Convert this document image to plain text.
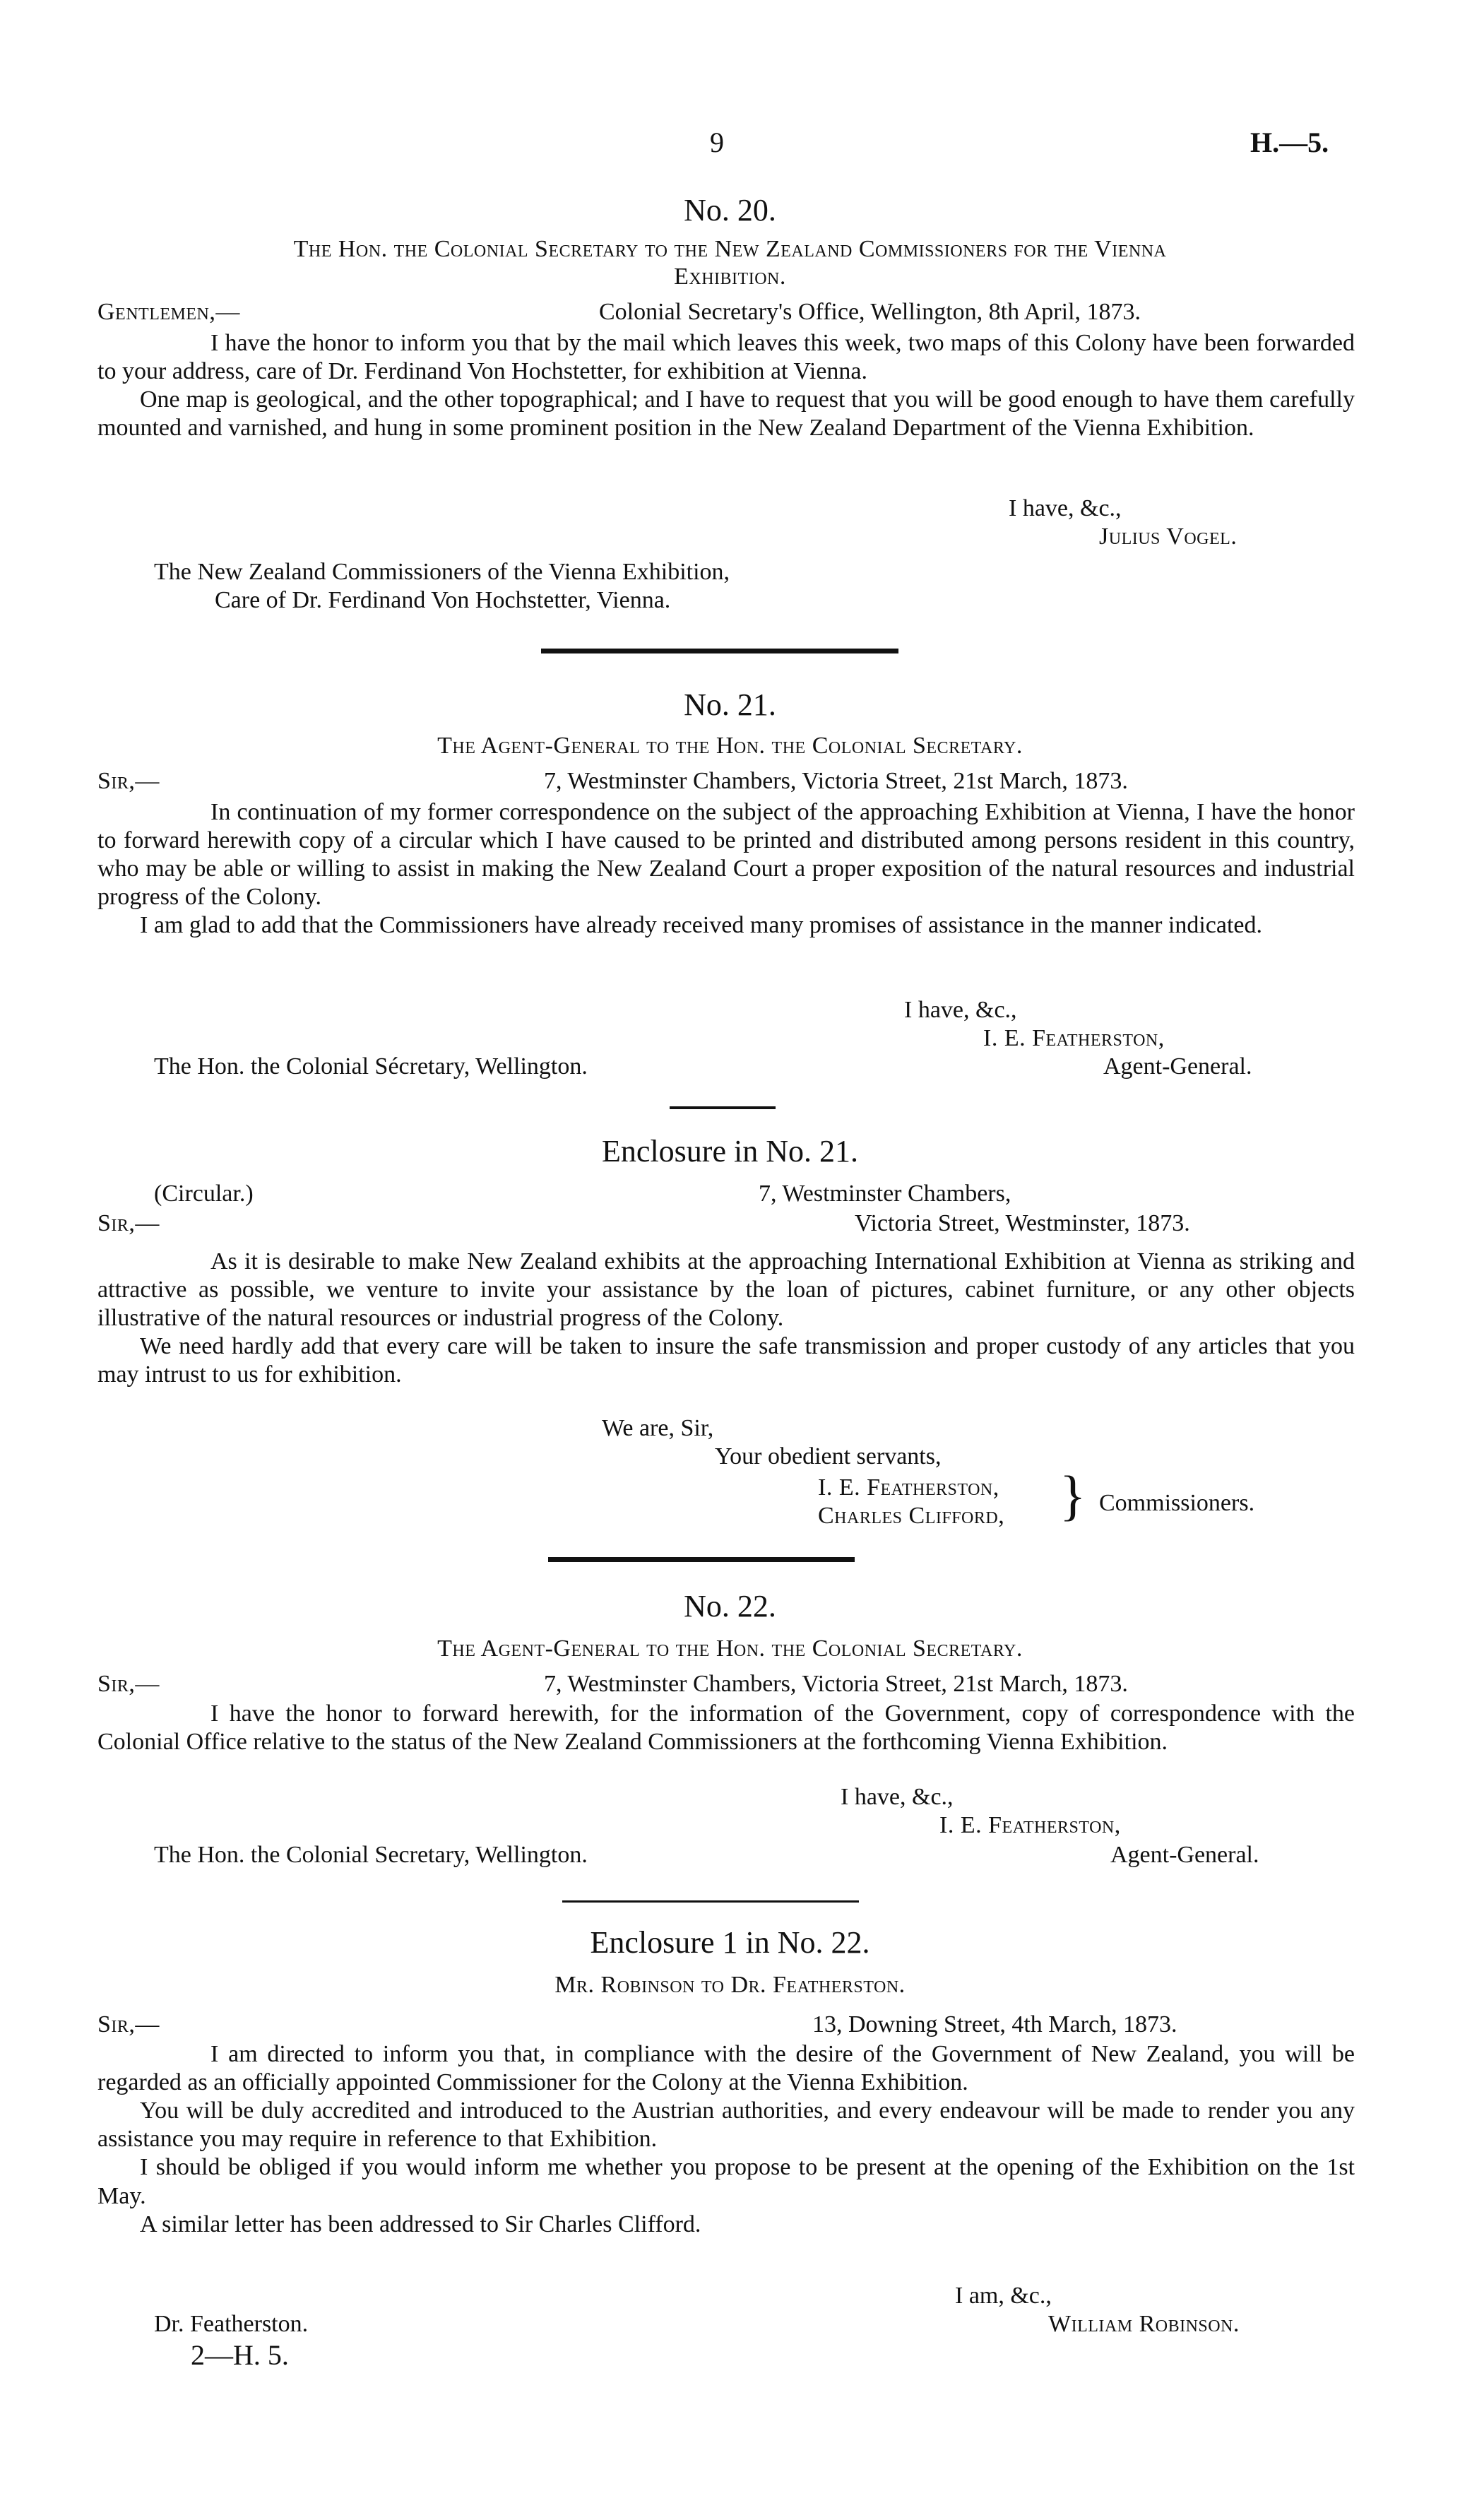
9	H.—5.
No. 20.
The Hon. the Colonial Secretary to the New Zealand Commissioners for the Vienna
Exhibition.
Gentlemen,—	Colonial Secretary's Office, Wellington, 8th April, 1873.

I have the honor to inform you that by the mail which leaves this week, two maps of this Colony have been forwarded to your address, care of Dr. Ferdinand Von Hochstetter, for exhibition at Vienna.

One map is geological, and the other topographical; and I have to request that you will be good enough to have them carefully mounted and varnished, and hung in some prominent position in the New Zealand Department of the Vienna Exhibition.

I have, &c.,
Julius Vogel.
The New Zealand Commissioners of the Vienna Exhibition,
Care of Dr. Ferdinand Von Hochstetter, Vienna.
No. 21.
The Agent-General to the Hon. the Colonial Secretary.
Sir,—	7, Westminster Chambers, Victoria Street, 21st March, 1873.

In continuation of my former correspondence on the subject of the approaching Exhibition at Vienna, I have the honor to forward herewith copy of a circular which I have caused to be printed and distributed among persons resident in this country, who may be able or willing to assist in making the New Zealand Court a proper exposition of the natural resources and industrial progress of the Colony.

I am glad to add that the Commissioners have already received many promises of assistance in the manner indicated.

I have, &c.,
I. E. Featherston,
The Hon. the Colonial Sécretary, Wellington.	Agent-General.
Enclosure in No. 21.
(Circular.)	7, Westminster Chambers,
Sir,—	Victoria Street, Westminster, 1873.

As it is desirable to make New Zealand exhibits at the approaching International Exhibition at Vienna as striking and attractive as possible, we venture to invite your assistance by the loan of pictures, cabinet furniture, or any other objects illustrative of the natural resources or industrial progress of the Colony.

We need hardly add that every care will be taken to insure the safe transmission and proper custody of any articles that you may intrust to us for exhibition.

We are, Sir,
Your obedient servants,
I. E. Featherston,
Charles Clifford, } Commissioners.
No. 22.
The Agent-General to the Hon. the Colonial Secretary.
Sir,—	7, Westminster Chambers, Victoria Street, 21st March, 1873.

I have the honor to forward herewith, for the information of the Government, copy of correspondence with the Colonial Office relative to the status of the New Zealand Commissioners at the forthcoming Vienna Exhibition.

I have, &c.,
I. E. Featherston,
The Hon. the Colonial Secretary, Wellington.	Agent-General.
Enclosure 1 in No. 22.
Mr. Robinson to Dr. Featherston.
Sir,—	13, Downing Street, 4th March, 1873.

I am directed to inform you that, in compliance with the desire of the Government of New Zealand, you will be regarded as an officially appointed Commissioner for the Colony at the Vienna Exhibition.

You will be duly accredited and introduced to the Austrian authorities, and every endeavour will be made to render you any assistance you may require in reference to that Exhibition.

I should be obliged if you would inform me whether you propose to be present at the opening of the Exhibition on the 1st May.

A similar letter has been addressed to Sir Charles Clifford.

I am, &c.,
Dr. Featherston.	William Robinson.
2—H. 5.
